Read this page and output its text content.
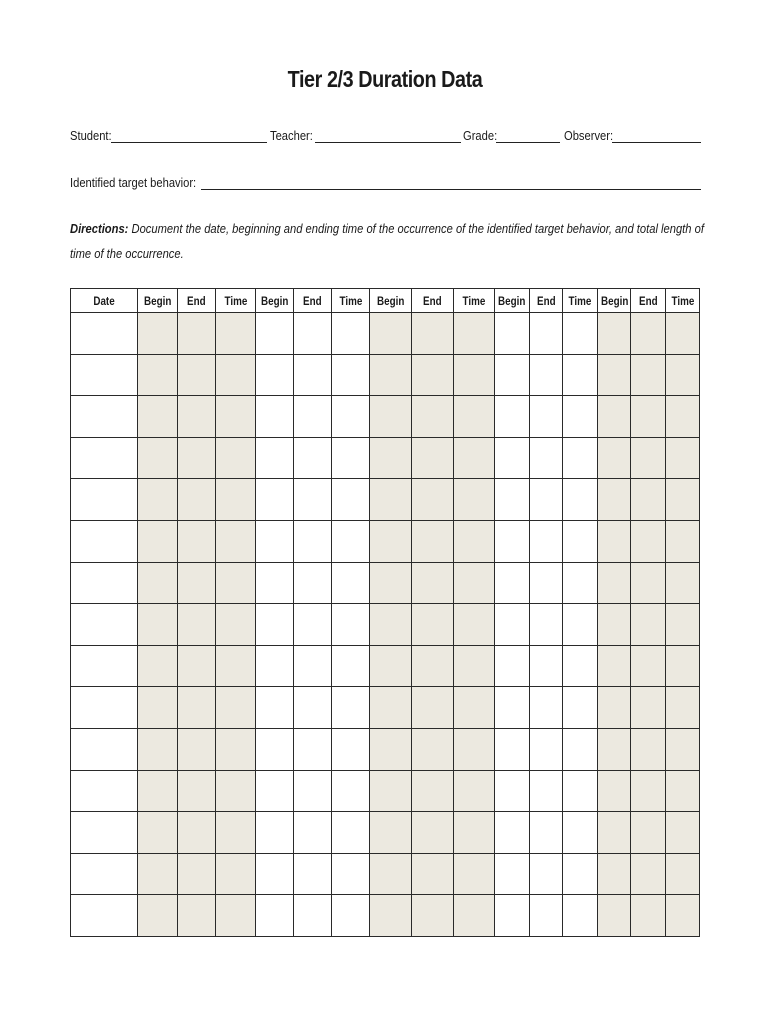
Tier 2/3 Duration Data
Student:	Teacher:	Grade:	Observer:
Identified target behavior:
Directions: Document the date, beginning and ending time of the occurrence of the identified target behavior, and total length of time of the occurrence.
Date	Begin	End	Time	Begin	End	Time	Begin	End	Time	Begin	End	Time	Begin	End	Time
